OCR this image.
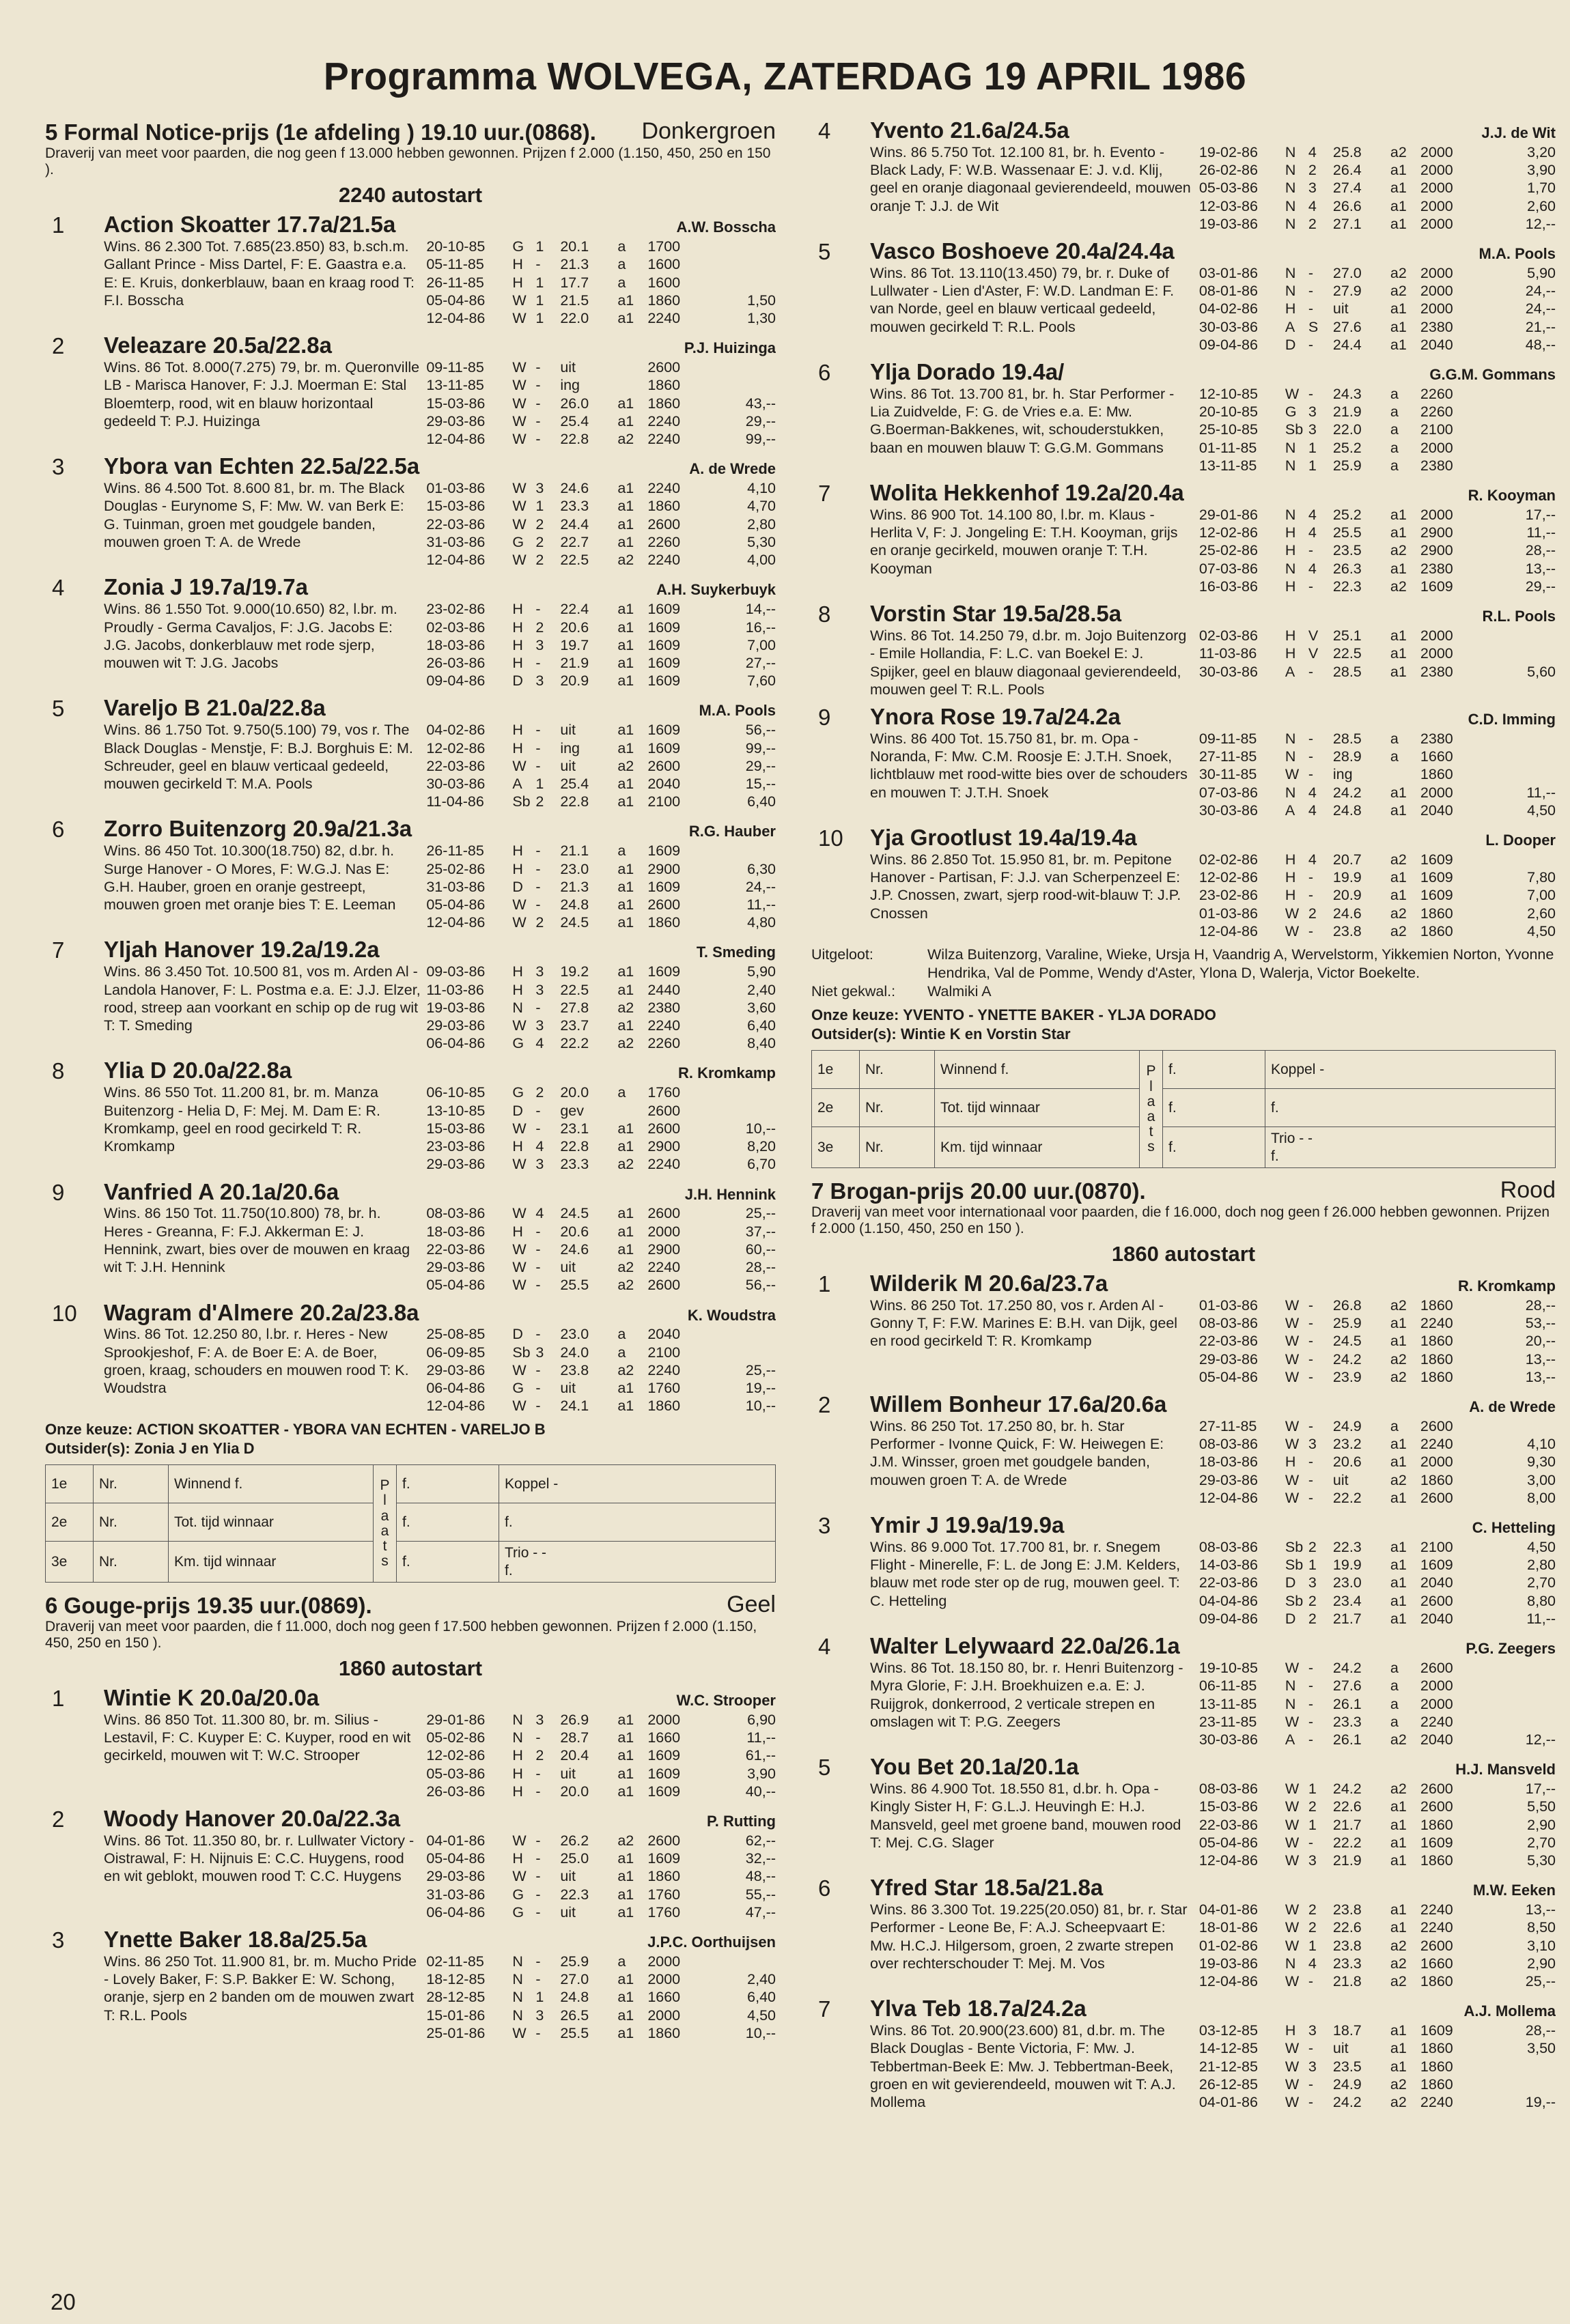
Programma WOLVEGA, ZATERDAG 19 APRIL 1986
5 Formal Notice-prijs (1e afdeling ) 19.10 uur.(0868). Donkergroen
Draverij van meet voor paarden, die nog geen f 13.000 hebben gewonnen. Prijzen f 2.000 (1.150, 450, 250 en 150 ).
2240 autostart
1 Action Skoatter 17.7a/21.5a	A.W. Bosscha
Wins. 86 2.300 Tot. 7.685(23.850) 83, b.sch.m. Gallant Prince - Miss Dartel, F: E. Gaastra e.a. E: E. Kruis, donkerblauw, baan en kraag rood T: F.I. Bosscha
20-10-85	G 1	20.1	a	1700
05-11-85	H -	21.3	a	1600
26-11-85	H 1	17.7	a	1600
05-04-86	W 1	21.5	a1 1860	1,50
12-04-86	W 1	22.0	a1 2240	1,30
2 Veleazare 20.5a/22.8a	P.J. Huizinga
Wins. 86 Tot. 8.000(7.275) 79, br. m. Queronville LB - Marisca Hanover, F: J.J. Moerman E: Stal Bloemterp, rood, wit en blauw horizontaal gedeeld T: P.J. Huizinga
09-11-85	W -	uit	2600
13-11-85	W -	ing	1860
15-03-86	W -	26.0	a1 1860	43,--
29-03-86	W -	25.4	a1 2240	29,--
12-04-86	W -	22.8	a2 2240	99,--
3 Ybora van Echten 22.5a/22.5a	A. de Wrede
Wins. 86 4.500 Tot. 8.600 81, br. m. The Black Douglas - Eurynome S, F: Mw. W. van Berk E: G. Tuinman, groen met goudgele banden, mouwen groen T: A. de Wrede
01-03-86	W 3	24.6	a1 2240	4,10
15-03-86	W 1	23.3	a1 1860	4,70
22-03-86	W 2	24.4	a1 2600	2,80
31-03-86	G 2	22.7	a1 2260	5,30
12-04-86	W 2	22.5	a2 2240	4,00
4 Zonia J 19.7a/19.7a	A.H. Suykerbuyk
Wins. 86 1.550 Tot. 9.000(10.650) 82, l.br. m. Proudly - Germa Cavaljos, F: J.G. Jacobs E: J.G. Jacobs, donkerblauw met rode sjerp, mouwen wit T: J.G. Jacobs
23-02-86	H -	22.4	a1 1609	14,--
02-03-86	H 2	20.6	a1 1609	16,--
18-03-86	H 3	19.7	a1 1609	7,00
26-03-86	H -	21.9	a1 1609	27,--
09-04-86	D 3	20.9	a1 1609	7,60
5 Vareljo B 21.0a/22.8a	M.A. Pools
Wins. 86 1.750 Tot. 9.750(5.100) 79, vos r. The Black Douglas - Menstje, F: B.J. Borghuis E: M. Schreuder, geel en blauw verticaal gedeeld, mouwen gecirkeld T: M.A. Pools
04-02-86	H -	uit	a1 1609	56,--
12-02-86	H -	ing	a1 1609	99,--
22-03-86	W -	uit	a2 2600	29,--
30-03-86	A 1	25.4	a1 2040	15,--
11-04-86	Sb 2	22.8	a1 2100	6,40
6 Zorro Buitenzorg 20.9a/21.3a	R.G. Hauber
Wins. 86 450 Tot. 10.300(18.750) 82, d.br. h. Surge Hanover - O Mores, F: W.G.J. Nas E: G.H. Hauber, groen en oranje gestreept, mouwen groen met oranje bies T: E. Leeman
26-11-85	H -	21.1	a	1609
25-02-86	H -	23.0	a1 2900	6,30
31-03-86	D -	21.3	a1 1609	24,--
05-04-86	W -	24.8	a1 2600	11,--
12-04-86	W 2	24.5	a1 1860	4,80
7 Yljah Hanover 19.2a/19.2a	T. Smeding
Wins. 86 3.450 Tot. 10.500 81, vos m. Arden Al - Landola Hanover, F: L. Postma e.a. E: J.J. Elzer, rood, streep aan voorkant en schip op de rug wit T: T. Smeding
09-03-86	H 3	19.2	a1 1609	5,90
11-03-86	H 3	22.5	a1 2440	2,40
19-03-86	N -	27.8	a2 2380	3,60
29-03-86	W 3	23.7	a1 2240	6,40
06-04-86	G 4	22.2	a2 2260	8,40
8 Ylia D 20.0a/22.8a	R. Kromkamp
Wins. 86 550 Tot. 11.200 81, br. m. Manza Buitenzorg - Helia D, F: Mej. M. Dam E: R. Kromkamp, geel en rood gecirkeld T: R. Kromkamp
06-10-85	G 2	20.0	a	1760
13-10-85	D -	gev	2600
15-03-86	W -	23.1	a1 2600	10,--
23-03-86	H 4	22.8	a1 2900	8,20
29-03-86	W 3	23.3	a2 2240	6,70
9 Vanfried A 20.1a/20.6a	J.H. Hennink
Wins. 86 150 Tot. 11.750(10.800) 78, br. h. Heres - Greanna, F: F.J. Akkerman E: J. Hennink, zwart, bies over de mouwen en kraag wit T: J.H. Hennink
08-03-86	W 4	24.5	a1 2600	25,--
18-03-86	H -	20.6	a1 2000	37,--
22-03-86	W -	24.6	a1 2900	60,--
29-03-86	W -	uit	a2 2240	28,--
05-04-86	W -	25.5	a2 2600	56,--
10 Wagram d'Almere 20.2a/23.8a	K. Woudstra
Wins. 86 Tot. 12.250 80, l.br. r. Heres - New Sprookjeshof, F: A. de Boer E: A. de Boer, groen, kraag, schouders en mouwen rood T: K. Woudstra
25-08-85	D -	23.0	a	2040
06-09-85	Sb 3	24.0	a	2100
29-03-86	W -	23.8	a2 2240	25,--
06-04-86	G -	uit	a1 1760	19,--
12-04-86	W -	24.1	a1 1860	10,--
Onze keuze: ACTION SKOATTER - YBORA VAN ECHTEN - VARELJO B
Outsider(s): Zonia J en Ylia D
1e	Nr.	Winnend f.	P l a a t s	f.	Koppel -
2e	Nr.	Tot. tijd winnaar		f.	f.
3e	Nr.	Km. tijd winnaar		f.	Trio - -
f.
6 Gouge-prijs 19.35 uur.(0869).	Geel
Draverij van meet voor paarden, die f 11.000, doch nog geen f 17.500 hebben gewonnen. Prijzen f 2.000 (1.150, 450, 250 en 150 ).
1860 autostart
1 Wintie K 20.0a/20.0a	W.C. Strooper
Wins. 86 850 Tot. 11.300 80, br. m. Silius - Lestavil, F: C. Kuyper E: C. Kuyper, rood en wit gecirkeld, mouwen wit T: W.C. Strooper
29-01-86	N 3	26.9	a1 2000	6,90
05-02-86	N -	28.7	a1 1660	11,--
12-02-86	H 2	20.4	a1 1609	61,--
05-03-86	H -	uit	a1 1609	3,90
26-03-86	H -	20.0	a1 1609	40,--
2 Woody Hanover 20.0a/22.3a	P. Rutting
Wins. 86 Tot. 11.350 80, br. r. Lullwater Victory - Oistrawal, F: H. Nijnuis E: C.C. Huygens, rood en wit geblokt, mouwen rood T: C.C. Huygens
04-01-86	W -	26.2	a2 2600	62,--
05-04-86	H -	25.0	a1 1609	32,--
29-03-86	W -	uit	a1 1860	48,--
31-03-86	G -	22.3	a1 1760	55,--
06-04-86	G -	uit	a1 1760	47,--
3 Ynette Baker 18.8a/25.5a	J.P.C. Oorthuijsen
Wins. 86 250 Tot. 11.900 81, br. m. Mucho Pride - Lovely Baker, F: S.P. Bakker E: W. Schong, oranje, sjerp en 2 banden om de mouwen zwart T: R.L. Pools
02-11-85	N -	25.9	a	2000
18-12-85	N -	27.0	a1 2000	2,40
28-12-85	N 1	24.8	a1 1660	6,40
15-01-86	N 3	26.5	a1 2000	4,50
25-01-86	W -	25.5	a1 1860	10,--
4 Yvento 21.6a/24.5a	J.J. de Wit
Wins. 86 5.750 Tot. 12.100 81, br. h. Evento - Black Lady, F: W.B. Wassenaar E: J. v.d. Klij, geel en oranje diagonaal gevierendeeld, mouwen oranje T: J.J. de Wit
19-02-86	N 4	25.8	a2 2000	3,20
26-02-86	N 2	26.4	a1 2000	3,90
05-03-86	N 3	27.4	a1 2000	1,70
12-03-86	N 4	26.6	a1 2000	2,60
19-03-86	N 2	27.1	a1 2000	12,--
5 Vasco Boshoeve 20.4a/24.4a	M.A. Pools
Wins. 86 Tot. 13.110(13.450) 79, br. r. Duke of Lullwater - Lien d'Aster, F: W.D. Landman E: F. van Norde, geel en blauw verticaal gedeeld, mouwen gecirkeld T: R.L. Pools
03-01-86	N -	27.0	a2 2000	5,90
08-01-86	N -	27.9	a2 2000	24,--
04-02-86	H -	uit	a1 2000	24,--
30-03-86	A S	27.6	a1 2380	21,--
09-04-86	D -	24.4	a1 2040	48,--
6 Ylja Dorado 19.4a/	G.G.M. Gommans
Wins. 86 Tot. 13.700 81, br. h. Star Performer - Lia Zuidvelde, F: G. de Vries e.a. E: Mw. G.Boerman-Bakkenes, wit, schouderstukken, baan en mouwen blauw T: G.G.M. Gommans
12-10-85	W -	24.3	a	2260
20-10-85	G 3	21.9	a	2260
25-10-85	Sb 3	22.0	a	2100
01-11-85	N 1	25.2	a	2000
13-11-85	N 1	25.9	a	2380
7 Wolita Hekkenhof 19.2a/20.4a	R. Kooyman
Wins. 86 900 Tot. 14.100 80, l.br. m. Klaus - Herlita V, F: J. Jongeling E: T.H. Kooyman, grijs en oranje gecirkeld, mouwen oranje T: T.H. Kooyman
29-01-86	N 4	25.2	a1 2000	17,--
12-02-86	H 4	25.5	a1 2900	11,--
25-02-86	H -	23.5	a2 2900	28,--
07-03-86	N 4	26.3	a1 2380	13,--
16-03-86	H -	22.3	a2 1609	29,--
8 Vorstin Star 19.5a/28.5a	R.L. Pools
Wins. 86 Tot. 14.250 79, d.br. m. Jojo Buitenzorg - Emile Hollandia, F: L.C. van Boekel E: J. Spijker, geel en blauw diagonaal gevierendeeld, mouwen geel T: R.L. Pools
02-03-86	H V	25.1	a1 2000
11-03-86	H V	22.5	a1 2000
30-03-86	A -	28.5	a1 2380	5,60
9 Ynora Rose 19.7a/24.2a	C.D. Imming
Wins. 86 400 Tot. 15.750 81, br. m. Opa - Noranda, F: Mw. C.M. Roosje E: J.T.H. Snoek, lichtblauw met rood-witte bies over de schouders en mouwen T: J.T.H. Snoek
09-11-85	N -	28.5	a	2380
27-11-85	N -	28.9	a	1660
30-11-85	W -	ing	1860
07-03-86	N 4	24.2	a1 2000	11,--
30-03-86	A 4	24.8	a1 2040	4,50
10 Yja Grootlust 19.4a/19.4a	L. Dooper
Wins. 86 2.850 Tot. 15.950 81, br. m. Pepitone Hanover - Partisan, F: J.J. van Scherpenzeel E: J.P. Cnossen, zwart, sjerp rood-wit-blauw T: J.P. Cnossen
02-02-86	H 4	20.7	a2 1609
12-02-86	H -	19.9	a1 1609	7,80
23-02-86	H -	20.9	a1 1609	7,00
01-03-86	W 2	24.6	a2 1860	2,60
12-04-86	W -	23.8	a2 1860	4,50
Uitgeloot:	Wilza Buitenzorg, Varaline, Wieke, Ursja H, Vaandrig A, Wervelstorm, Yikkemien Norton, Yvonne Hendrika, Val de Pomme, Wendy d'Aster, Ylona D, Walerja, Victor Boekelte.
Niet gekwal.:	Walmiki A
Onze keuze: YVENTO - YNETTE BAKER - YLJA DORADO
Outsider(s): Wintie K en Vorstin Star
1e	Nr.	Winnend f.	P l a a t s	f.	Koppel -
2e	Nr.	Tot. tijd winnaar		f.	f.
3e	Nr.	Km. tijd winnaar		f.	Trio - -
f.
7 Brogan-prijs 20.00 uur.(0870).	Rood
Draverij van meet voor internationaal voor paarden, die f 16.000, doch nog geen f 26.000 hebben gewonnen. Prijzen f 2.000 (1.150, 450, 250 en 150 ).
1860 autostart
1 Wilderik M 20.6a/23.7a	R. Kromkamp
Wins. 86 250 Tot. 17.250 80, vos r. Arden Al - Gonny T, F: F.W. Marines E: B.H. van Dijk, geel en rood gecirkeld T: R. Kromkamp
01-03-86	W -	26.8	a2 1860	28,--
08-03-86	W -	25.9	a1 2240	53,--
22-03-86	W -	24.5	a1 1860	20,--
29-03-86	W -	24.2	a2 1860	13,--
05-04-86	W -	23.9	a2 1860	13,--
2 Willem Bonheur 17.6a/20.6a	A. de Wrede
Wins. 86 250 Tot. 17.250 80, br. h. Star Performer - Ivonne Quick, F: W. Heiwegen E: J.M. Winsser, groen met goudgele banden, mouwen groen T: A. de Wrede
27-11-85	W -	24.9	a	2600
08-03-86	W 3	23.2	a1 2240	4,10
18-03-86	H -	20.6	a1 2000	9,30
29-03-86	W -	uit	a2 1860	3,00
12-04-86	W -	22.2	a1 2600	8,00
3 Ymir J 19.9a/19.9a	C. Hetteling
Wins. 86 9.000 Tot. 17.700 81, br. r. Snegem Flight - Minerelle, F: L. de Jong E: J.M. Kelders, blauw met rode ster op de rug, mouwen geel. T: C. Hetteling
08-03-86	Sb 2	22.3	a1 2100	4,50
14-03-86	Sb 1	19.9	a1 1609	2,80
22-03-86	D 3	23.0	a1 2040	2,70
04-04-86	Sb 2	23.4	a1 2600	8,80
09-04-86	D 2	21.7	a1 2040	11,--
4 Walter Lelywaard 22.0a/26.1a	P.G. Zeegers
Wins. 86 Tot. 18.150 80, br. r. Henri Buitenzorg - Myra Glorie, F: J.H. Broekhuizen e.a. E: J. Ruijgrok, donkerrood, 2 verticale strepen en omslagen wit T: P.G. Zeegers
19-10-85	W -	24.2	a	2600
06-11-85	N -	27.6	a	2000
13-11-85	N -	26.1	a	2000
23-11-85	W -	23.3	a	2240
30-03-86	A -	26.1	a2 2040	12,--
5 You Bet 20.1a/20.1a	H.J. Mansveld
Wins. 86 4.900 Tot. 18.550 81, d.br. h. Opa - Kingly Sister H, F: G.L.J. Heuvingh E: H.J. Mansveld, geel met groene band, mouwen rood T: Mej. C.G. Slager
08-03-86	W 1	24.2	a2 2600	17,--
15-03-86	W 2	22.6	a1 2600	5,50
22-03-86	W 1	21.7	a1 1860	2,90
05-04-86	W -	22.2	a1 1609	2,70
12-04-86	W 3	21.9	a1 1860	5,30
6 Yfred Star 18.5a/21.8a	M.W. Eeken
Wins. 86 3.300 Tot. 19.225(20.050) 81, br. r. Star Performer - Leone Be, F: A.J. Scheepvaart E: Mw. H.C.J. Hilgersom, groen, 2 zwarte strepen over rechterschouder T: Mej. M. Vos
04-01-86	W 2	23.8	a1 2240	13,--
18-01-86	W 2	22.6	a1 2240	8,50
01-02-86	W 1	23.8	a2 2600	3,10
19-03-86	N 4	23.3	a2 1660	2,90
12-04-86	W -	21.8	a2 1860	25,--
7 Ylva Teb 18.7a/24.2a	A.J. Mollema
Wins. 86 Tot. 20.900(23.600) 81, d.br. m. The Black Douglas - Bente Victoria, F: Mw. J. Tebbertman-Beek E: Mw. J. Tebbertman-Beek, groen en wit gevierendeeld, mouwen wit T: A.J. Mollema
03-12-85	H 3	18.7	a1 1609	28,--
14-12-85	W -	uit	a1 1860	3,50
21-12-85	W 3	23.5	a1 1860
26-12-85	W -	24.9	a2 1860
04-01-86	W -	24.2	a2 2240	19,--
20
